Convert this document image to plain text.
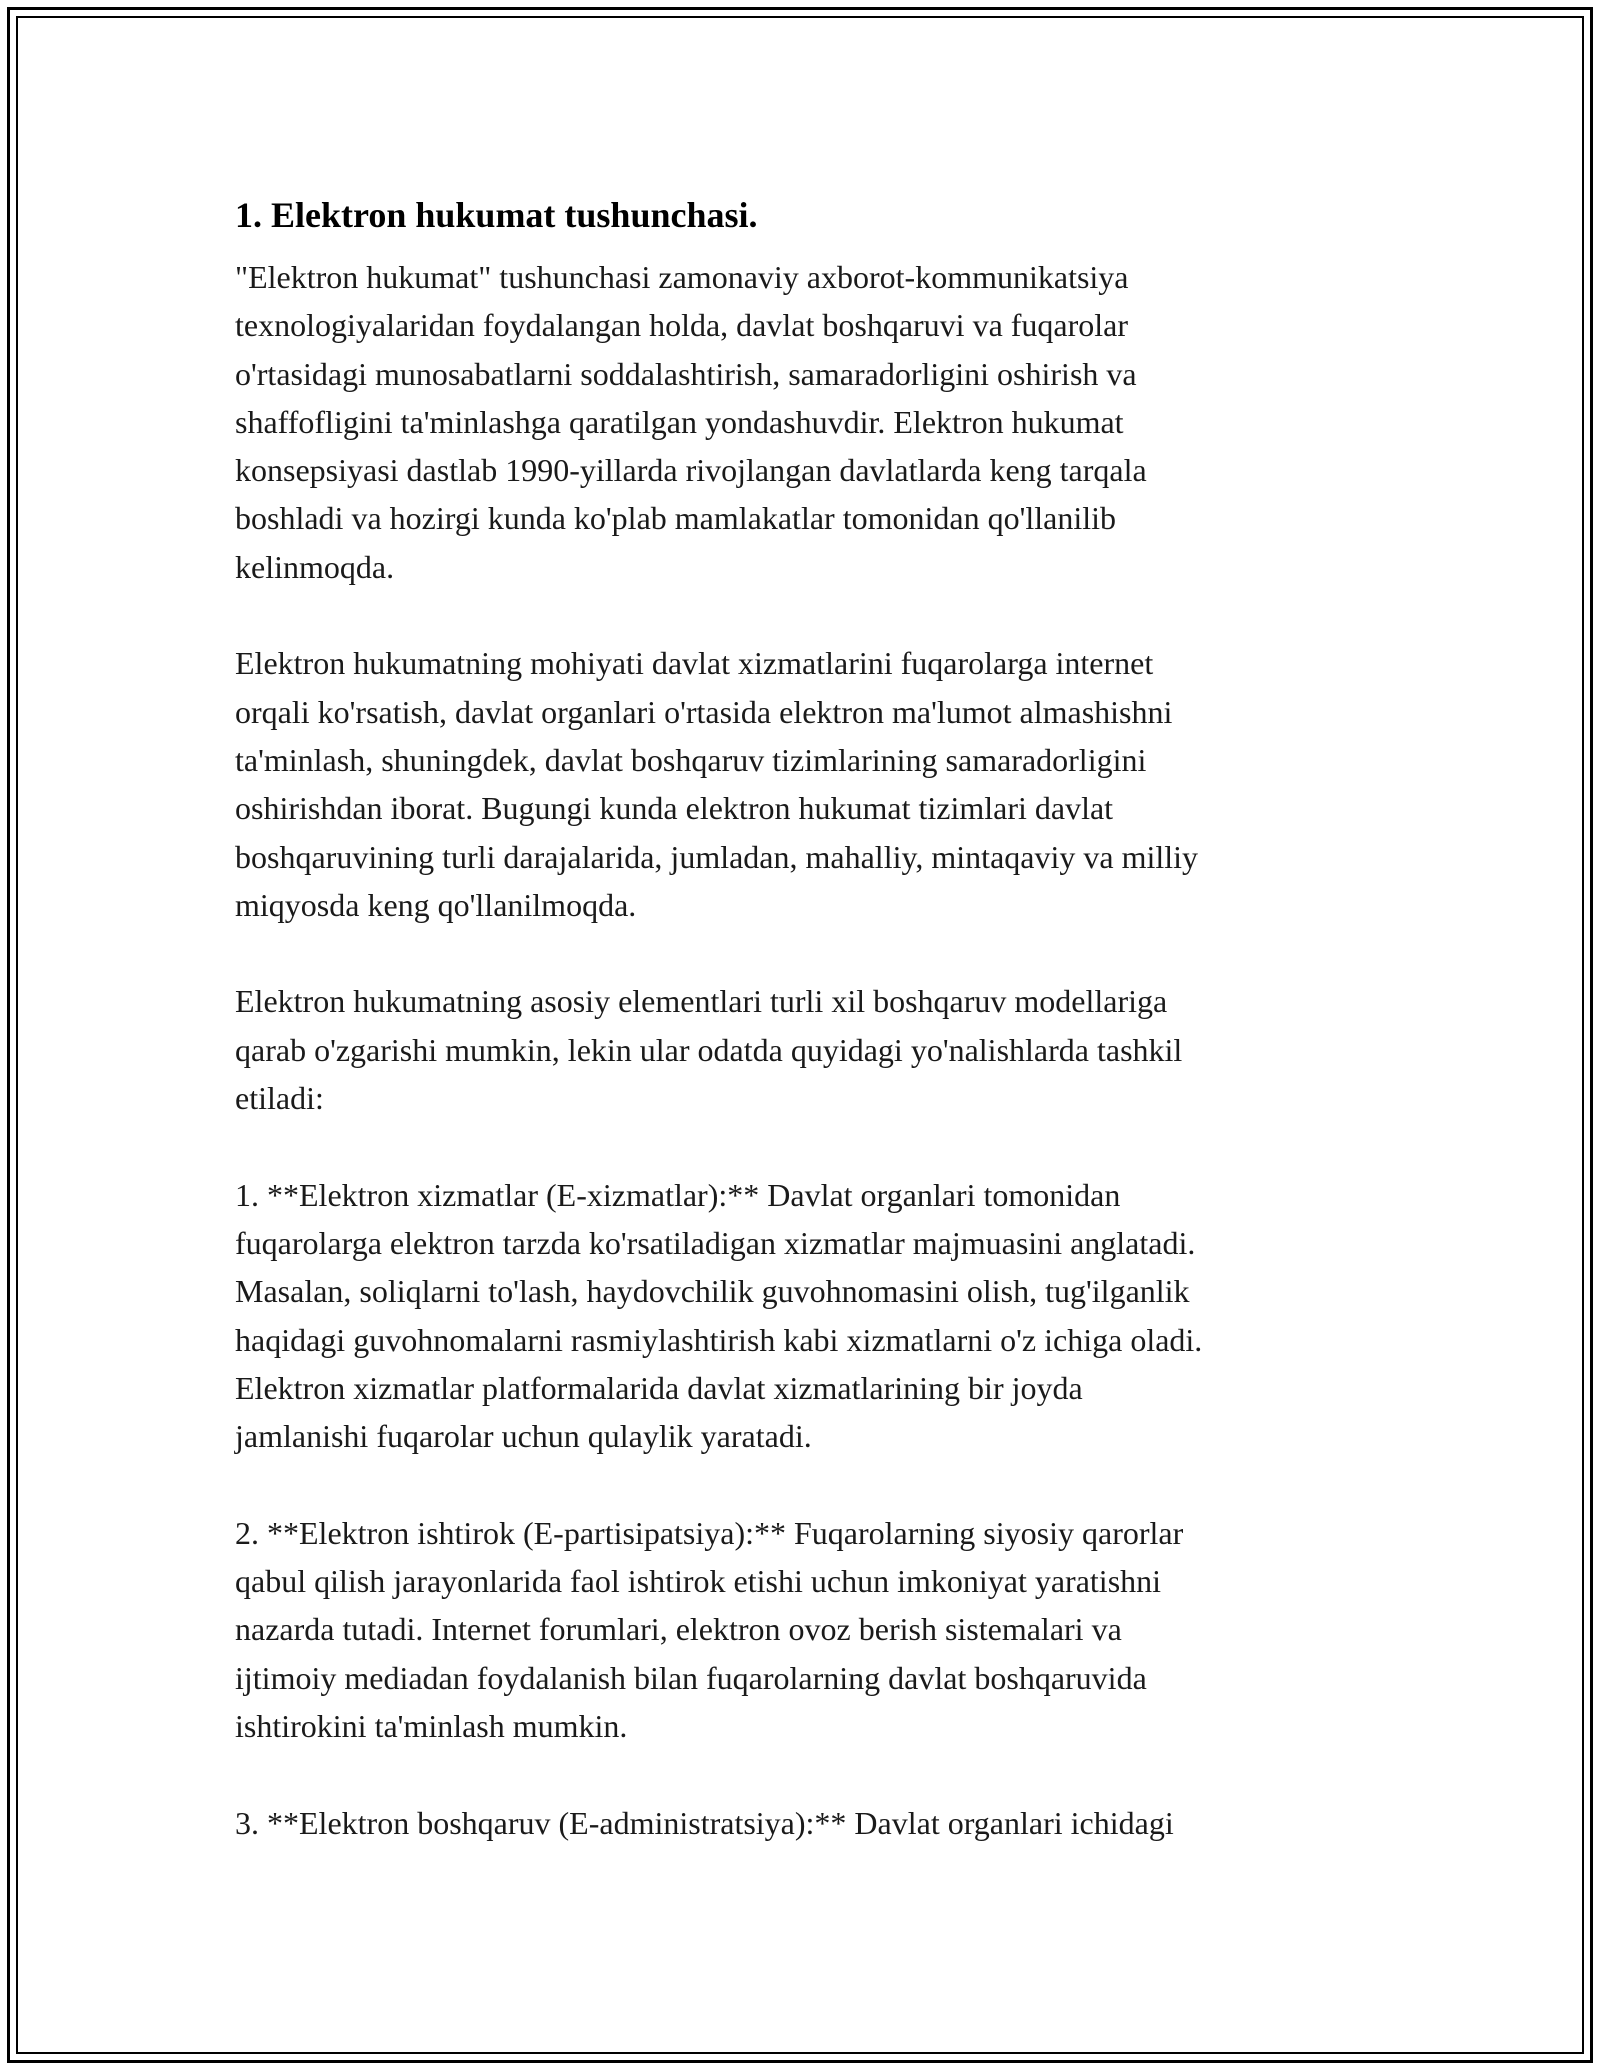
1. Elektron hukumat tushunchasi.

"Elektron hukumat" tushunchasi zamonaviy axborot-kommunikatsiya
texnologiyalaridan foydalangan holda, davlat boshqaruvi va fuqarolar
o'rtasidagi munosabatlarni soddalashtirish, samaradorligini oshirish va
shaffofligini ta'minlashga qaratilgan yondashuvdir. Elektron hukumat
konsepsiyasi dastlab 1990-yillarda rivojlangan davlatlarda keng tarqala
boshladi va hozirgi kunda ko'plab mamlakatlar tomonidan qo'llanilib
kelinmoqda.

Elektron hukumatning mohiyati davlat xizmatlarini fuqarolarga internet
orqali ko'rsatish, davlat organlari o'rtasida elektron ma'lumot almashishni
ta'minlash, shuningdek, davlat boshqaruv tizimlarining samaradorligini
oshirishdan iborat. Bugungi kunda elektron hukumat tizimlari davlat
boshqaruvining turli darajalarida, jumladan, mahalliy, mintaqaviy va milliy
miqyosda keng qo'llanilmoqda.

Elektron hukumatning asosiy elementlari turli xil boshqaruv modellariga
qarab o'zgarishi mumkin, lekin ular odatda quyidagi yo'nalishlarda tashkil
etiladi:

1. **Elektron xizmatlar (E-xizmatlar):** Davlat organlari tomonidan
fuqarolarga elektron tarzda ko'rsatiladigan xizmatlar majmuasini anglatadi.
Masalan, soliqlarni to'lash, haydovchilik guvohnomasini olish, tug'ilganlik
haqidagi guvohnomalarni rasmiylashtirish kabi xizmatlarni o'z ichiga oladi.
Elektron xizmatlar platformalarida davlat xizmatlarining bir joyda
jamlanishi fuqarolar uchun qulaylik yaratadi.

2. **Elektron ishtirok (E-partisipatsiya):** Fuqarolarning siyosiy qarorlar
qabul qilish jarayonlarida faol ishtirok etishi uchun imkoniyat yaratishni
nazarda tutadi. Internet forumlari, elektron ovoz berish sistemalari va
ijtimoiy mediadan foydalanish bilan fuqarolarning davlat boshqaruvida
ishtirokini ta'minlash mumkin.

3. **Elektron boshqaruv (E-administratsiya):** Davlat organlari ichidagi
